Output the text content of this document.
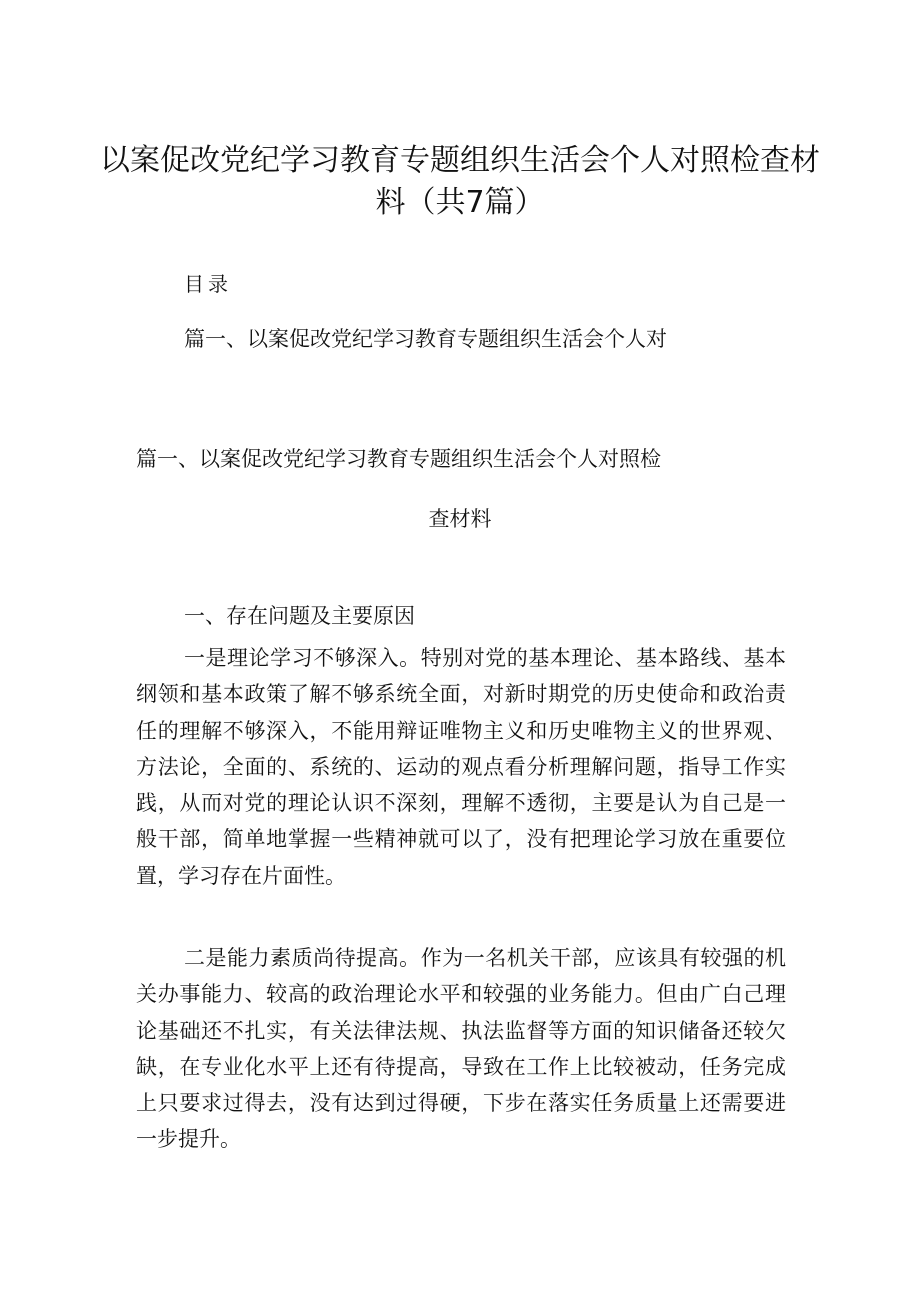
以案促改党纪学习教育专题组织生活会个人对照检查材料（共7篇）
目录
篇一、以案促改党纪学习教育专题组织生活会个人对
篇一、以案促改党纪学习教育专题组织生活会个人对照检
查材料
一、存在问题及主要原因

一是理论学习不够深入。特别对党的基本理论、基本路线、基本纲领和基本政策了解不够系统全面，对新时期党的历史使命和政治责任的理解不够深入，不能用辩证唯物主义和历史唯物主义的世界观、方法论，全面的、系统的、运动的观点看分析理解问题，指导工作实践，从而对党的理论认识不深刻，理解不透彻，主要是认为自己是一般干部，简单地掌握一些精神就可以了，没有把理论学习放在重要位置，学习存在片面性。

二是能力素质尚待提高。作为一名机关干部，应该具有较强的机关办事能力、较高的政治理论水平和较强的业务能力。但由广白己理论基础还不扎实，有关法律法规、执法监督等方面的知识储备还较欠缺，在专业化水平上还有待提高，导致在工作上比较被动，任务完成上只要求过得去，没有达到过得硬，下步在落实任务质量上还需要进一步提升。
